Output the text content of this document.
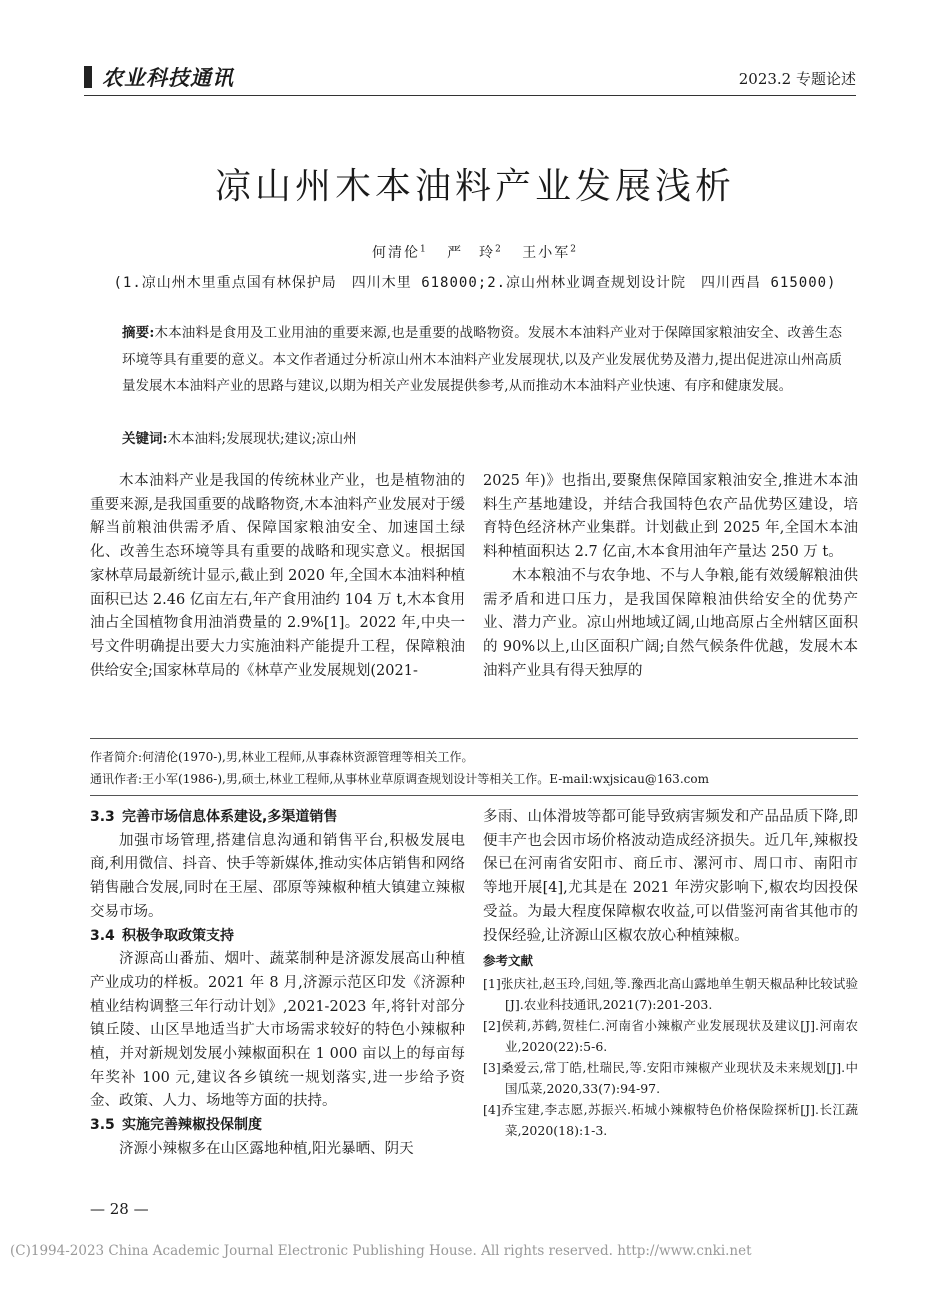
农业科技通讯	2023.2 专题论述
凉山州木本油料产业发展浅析
何清伦$^1$ 严　玲$^2$ 王小军$^2$
(1.凉山州木里重点国有林保护局　四川木里 618000;2.凉山州林业调查规划设计院　四川西昌 615000)
摘要:木本油料是食用及工业用油的重要来源,也是重要的战略物资。发展木本油料产业对于保障国家粮油安全、改善生态环境等具有重要的意义。本文作者通过分析凉山州木本油料产业发展现状,以及产业发展优势及潜力,提出促进凉山州高质量发展木本油料产业的思路与建议,以期为相关产业发展提供参考,从而推动木本油料产业快速、有序和健康发展。
关键词:木本油料;发展现状;建议;凉山州

木本油料产业是我国的传统林业产业，也是植物油的重要来源,是我国重要的战略物资,木本油料产业发展对于缓解当前粮油供需矛盾、保障国家粮油安全、加速国土绿化、改善生态环境等具有重要的战略和现实意义。根据国家林草局最新统计显示,截止到 2020 年,全国木本油料种植面积已达 2.46 亿亩左右,年产食用油约 104 万 t,木本食用油占全国植物食用油消费量的 2.9%[1]。2022 年,中央一号文件明确提出要大力实施油料产能提升工程，保障粮油供给安全;国家林草局的《林草产业发展规划(2021-

2025 年)》也指出,要聚焦保障国家粮油安全,推进木本油料生产基地建设，并结合我国特色农产品优势区建设，培育特色经济林产业集群。计划截止到 2025 年,全国木本油料种植面积达 2.7 亿亩,木本食用油年产量达 250 万 t。

木本粮油不与农争地、不与人争粮,能有效缓解粮油供需矛盾和进口压力，是我国保障粮油供给安全的优势产业、潜力产业。凉山州地域辽阔,山地高原占全州辖区面积的 90%以上,山区面积广阔;自然气候条件优越，发展木本油料产业具有得天独厚的

作者简介:何清伦(1970-),男,林业工程师,从事森林资源管理等相关工作。
通讯作者:王小军(1986-),男,硕士,林业工程师,从事林业草原调查规划设计等相关工作。E-mail:wxjsicau@163.com
3.3 完善市场信息体系建设,多渠道销售

加强市场管理,搭建信息沟通和销售平台,积极发展电商,利用微信、抖音、快手等新媒体,推动实体店销售和网络销售融合发展,同时在王屋、邵原等辣椒种植大镇建立辣椒交易市场。

3.4 积极争取政策支持

济源高山番茄、烟叶、蔬菜制种是济源发展高山种植产业成功的样板。2021 年 8 月,济源示范区印发《济源种植业结构调整三年行动计划》,2021-2023 年,将针对部分镇丘陵、山区旱地适当扩大市场需求较好的特色小辣椒种植，并对新规划发展小辣椒面积在 1 000 亩以上的每亩每年奖补 100 元,建议各乡镇统一规划落实,进一步给予资金、政策、人力、场地等方面的扶持。

3.5 实施完善辣椒投保制度

济源小辣椒多在山区露地种植,阳光暴晒、阴天

多雨、山体滑坡等都可能导致病害频发和产品品质下降,即便丰产也会因市场价格波动造成经济损失。近几年,辣椒投保已在河南省安阳市、商丘市、漯河市、周口市、南阳市等地开展[4],尤其是在 2021 年涝灾影响下,椒农均因投保受益。为最大程度保障椒农收益,可以借鉴河南省其他市的投保经验,让济源山区椒农放心种植辣椒。

参考文献

[1]张庆社,赵玉玲,闫妞,等.豫西北高山露地单生朝天椒品种比较试验[J].农业科技通讯,2021(7):201-203.

[2]侯莉,苏鹤,贺桂仁.河南省小辣椒产业发展现状及建议[J].河南农业,2020(22):5-6.

[3]桑爱云,常丁皓,杜瑞民,等.安阳市辣椒产业现状及未来规划[J].中国瓜菜,2020,33(7):94-97.

[4]乔宝建,李志愿,苏振兴.柘城小辣椒特色价格保险探析[J].长江蔬菜,2020(18):1-3.

— 28 —
(C)1994-2023 China Academic Journal Electronic Publishing House. All rights reserved. http://www.cnki.net
